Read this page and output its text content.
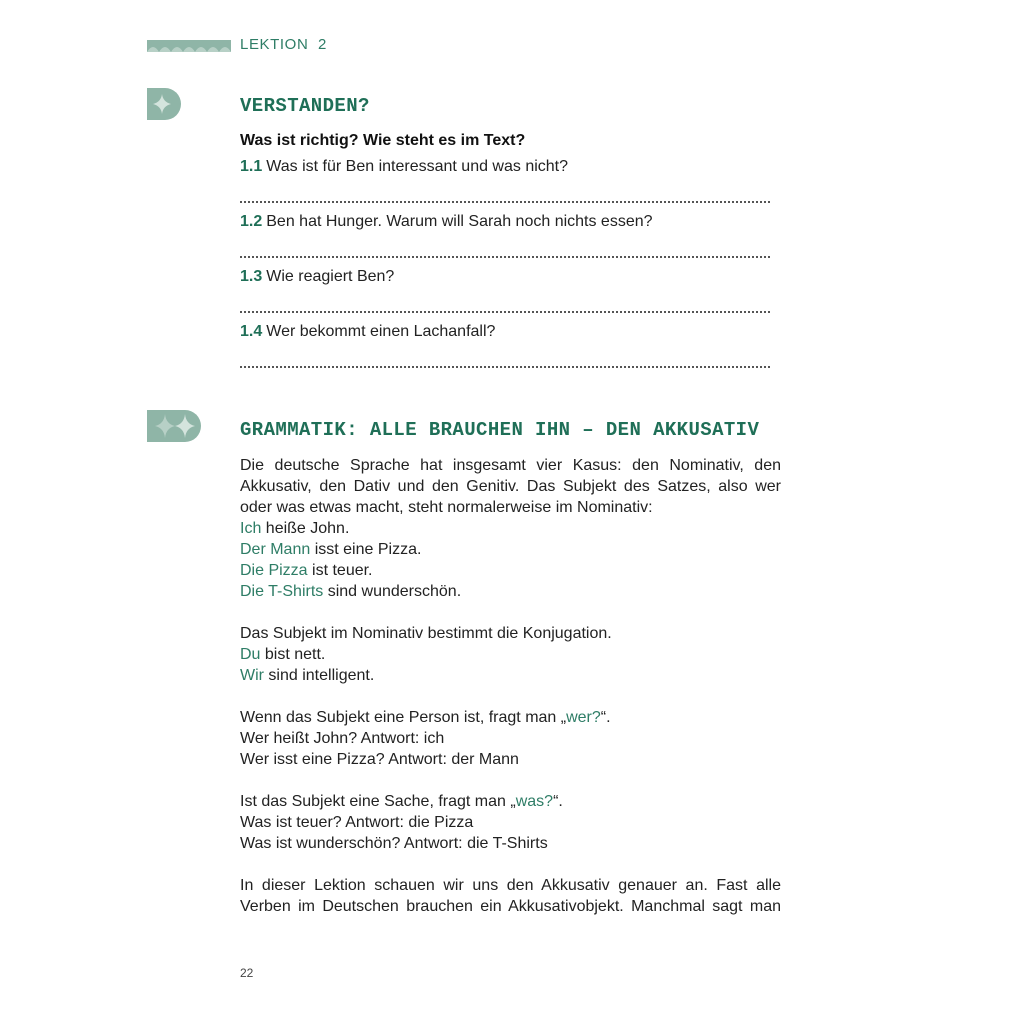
LEKTION 2
VERSTANDEN?
Was ist richtig? Wie steht es im Text?
1.1 Was ist für Ben interessant und was nicht?
1.2 Ben hat Hunger. Warum will Sarah noch nichts essen?
1.3 Wie reagiert Ben?
1.4 Wer bekommt einen Lachanfall?
GRAMMATIK: ALLE BRAUCHEN IHN – DEN AKKUSATIV

Die deutsche Sprache hat insgesamt vier Kasus: den Nominativ, den Akkusativ, den Dativ und den Genitiv. Das Subjekt des Satzes, also wer oder was etwas macht, steht normalerweise im Nominativ:

Ich heiße John.

Der Mann isst eine Pizza.

Die Pizza ist teuer.

Die T-Shirts sind wunderschön.

Das Subjekt im Nominativ bestimmt die Konjugation.

Du bist nett.

Wir sind intelligent.

Wenn das Subjekt eine Person ist, fragt man „wer?“.

Wer heißt John? Antwort: ich

Wer isst eine Pizza? Antwort: der Mann

Ist das Subjekt eine Sache, fragt man „was?“.

Was ist teuer? Antwort: die Pizza

Was ist wunderschön? Antwort: die T-Shirts

In dieser Lektion schauen wir uns den Akkusativ genauer an. Fast alle Verben im Deutschen brauchen ein Akkusativobjekt. Manchmal sagt man

22
